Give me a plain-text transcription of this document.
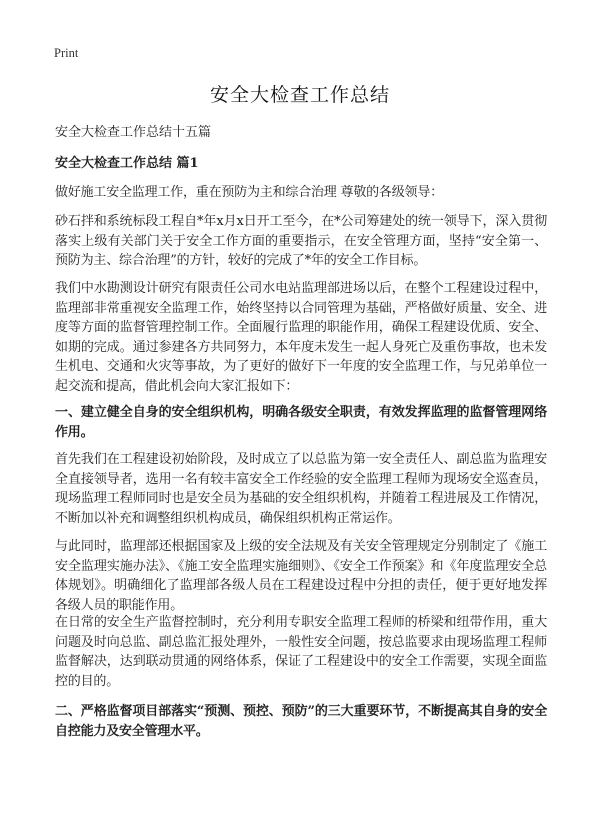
Print
安全大检查工作总结

安全大检查工作总结十五篇

安全大检查工作总结 篇1

做好施工安全监理工作，重在预防为主和综合治理 尊敬的各级领导：

砂石拌和系统标段工程自*年x月x日开工至今，在*公司筹建处的统一领导下，深入贯彻落实上级有关部门关于安全工作方面的重要指示，在安全管理方面，坚持“安全第一、预防为主、综合治理”的方针，较好的完成了*年的安全工作目标。

我们中水勘测设计研究有限责任公司水电站监理部进场以后，在整个工程建设过程中，监理部非常重视安全监理工作，始终坚持以合同管理为基础，严格做好质量、安全、进度等方面的监督管理控制工作。全面履行监理的职能作用，确保工程建设优质、安全、如期的完成。通过参建各方共同努力，本年度未发生一起人身死亡及重伤事故，也未发生机电、交通和火灾等事故，为了更好的做好下一年度的安全监理工作，与兄弟单位一起交流和提高，借此机会向大家汇报如下：

一、建立健全自身的安全组织机构，明确各级安全职责，有效发挥监理的监督管理网络作用。

首先我们在工程建设初始阶段，及时成立了以总监为第一安全责任人、副总监为监理安全直接领导者，选用一名有较丰富安全工作经验的安全监理工程师为现场安全巡查员，现场监理工程师同时也是安全员为基础的安全组织机构，并随着工程进展及工作情况，不断加以补充和调整组织机构成员，确保组织机构正常运作。

与此同时，监理部还根据国家及上级的安全法规及有关安全管理规定分别制定了《施工安全监理实施办法》、《施工安全监理实施细则》、《安全工作预案》和《年度监理安全总体规划》。明确细化了监理部各级人员在工程建设过程中分担的责任，便于更好地发挥各级人员的职能作用。

在日常的安全生产监督控制时，充分利用专职安全监理工程师的桥梁和纽带作用，重大问题及时向总监、副总监汇报处理外，一般性安全问题，按总监要求由现场监理工程师监督解决，达到联动贯通的网络体系，保证了工程建设中的安全工作需要，实现全面监控的目的。

二、严格监督项目部落实“预测、预控、预防”的三大重要环节，不断提高其自身的安全自控能力及安全管理水平。
